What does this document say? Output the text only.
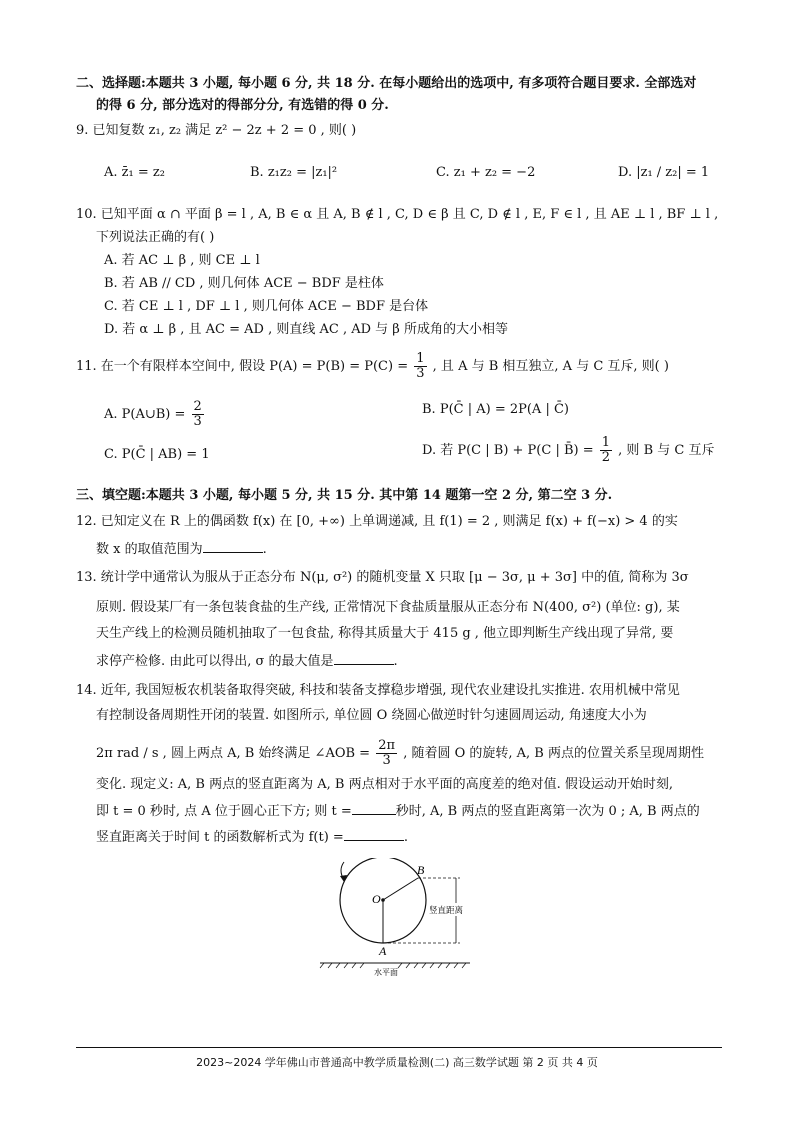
二、选择题:本题共 3 小题, 每小题 6 分, 共 18 分. 在每小题给出的选项中, 有多项符合题目要求. 全部选对
的得 6 分, 部分选对的得部分分, 有选错的得 0 分.
9. 已知复数 z₁, z₂ 满足 z² − 2z + 2 = 0 , 则( )
A. z̄₁ = z₂	B. z₁z₂ = |z₁|²	C. z₁ + z₂ = −2	D. |z₁ / z₂| = 1
10. 已知平面 α ∩ 平面 β = l , A, B ∈ α 且 A, B ∉ l , C, D ∈ β 且 C, D ∉ l , E, F ∈ l , 且 AE ⊥ l , BF ⊥ l ,
下列说法正确的有( )
A. 若 AC ⊥ β , 则 CE ⊥ l
B. 若 AB // CD , 则几何体 ACE − BDF 是柱体
C. 若 CE ⊥ l , DF ⊥ l , 则几何体 ACE − BDF 是台体
D. 若 α ⊥ β , 且 AC = AD , 则直线 AC , AD 与 β 所成角的大小相等
11. 在一个有限样本空间中, 假设 $P(A) = P(B) = P(C) = \frac{1}{3}$ , 且 A 与 B 相互独立, A 与 C 互斥, 则( )
A. P(A∪B) = $\frac{2}{3}$	B. P(C̄ | A) = 2P(A | C̄)
C. P(C̄ | AB) = 1	D. 若 P(C | B) + P(C | B̄) = $\frac{1}{2}$ , 则 B 与 C 互斥
三、填空题:本题共 3 小题, 每小题 5 分, 共 15 分. 其中第 14 题第一空 2 分, 第二空 3 分.
12. 已知定义在 R 上的偶函数 f(x) 在 [0, +∞) 上单调递减, 且 f(1) = 2 , 则满足 f(x) + f(−x) > 4 的实
数 x 的取值范围为	.
13. 统计学中通常认为服从于正态分布 N(μ, σ²) 的随机变量 X 只取 [μ − 3σ, μ + 3σ] 中的值, 简称为 3σ
原则. 假设某厂有一条包装食盐的生产线, 正常情况下食盐质量服从正态分布 N(400, σ²) (单位: g), 某
天生产线上的检测员随机抽取了一包食盐, 称得其质量大于 415 g , 他立即判断生产线出现了异常, 要
求停产检修. 由此可以得出, σ 的最大值是	.
14. 近年, 我国短板农机装备取得突破, 科技和装备支撑稳步增强, 现代农业建设扎实推进. 农用机械中常见
有控制设备周期性开闭的装置. 如图所示, 单位圆 O 绕圆心做逆时针匀速圆周运动, 角速度大小为
2π rad / s , 圆上两点 A, B 始终满足 ∠AOB = $\frac{2\pi}{3}$ , 随着圆 O 的旋转, A, B 两点的位置关系呈现周期性
变化. 现定义: A, B 两点的竖直距离为 A, B 两点相对于水平面的高度差的绝对值. 假设运动开始时刻,
即 t = 0 秒时, 点 A 位于圆心正下方; 则 t =	秒时, A, B 两点的竖直距离第一次为 0 ; A, B 两点的
竖直距离关于时间 t 的函数解析式为 f(t) =	.
O
A
B
竖直距离
水平面
2023~2024 学年佛山市普通高中教学质量检测(二) 高三数学试题 第 2 页 共 4 页
